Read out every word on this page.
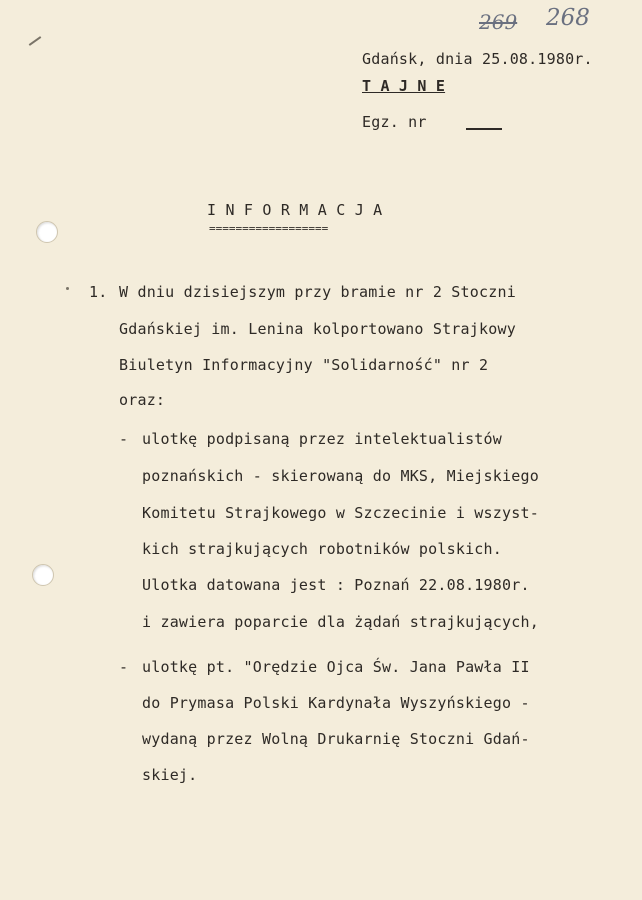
269 268
Gdańsk, dnia 25.08.1980r.
T A J N E
Egz. nr
I N F O R M A C J A
==================
1. W dniu dzisiejszym przy bramie nr 2 Stoczni
Gdańskiej im. Lenina kolportowano Strajkowy
Biuletyn Informacyjny "Solidarność" nr 2
oraz:
- ulotkę podpisaną przez intelektualistów
poznańskich - skierowaną do MKS, Miejskiego
Komitetu Strajkowego w Szczecinie i wszyst-
kich strajkujących robotników polskich.
Ulotka datowana jest : Poznań 22.08.1980r.
i zawiera poparcie dla żądań strajkujących,
- ulotkę pt. "Orędzie Ojca Św. Jana Pawła II
do Prymasa Polski Kardynała Wyszyńskiego -
wydaną przez Wolną Drukarnię Stoczni Gdań-
skiej.
